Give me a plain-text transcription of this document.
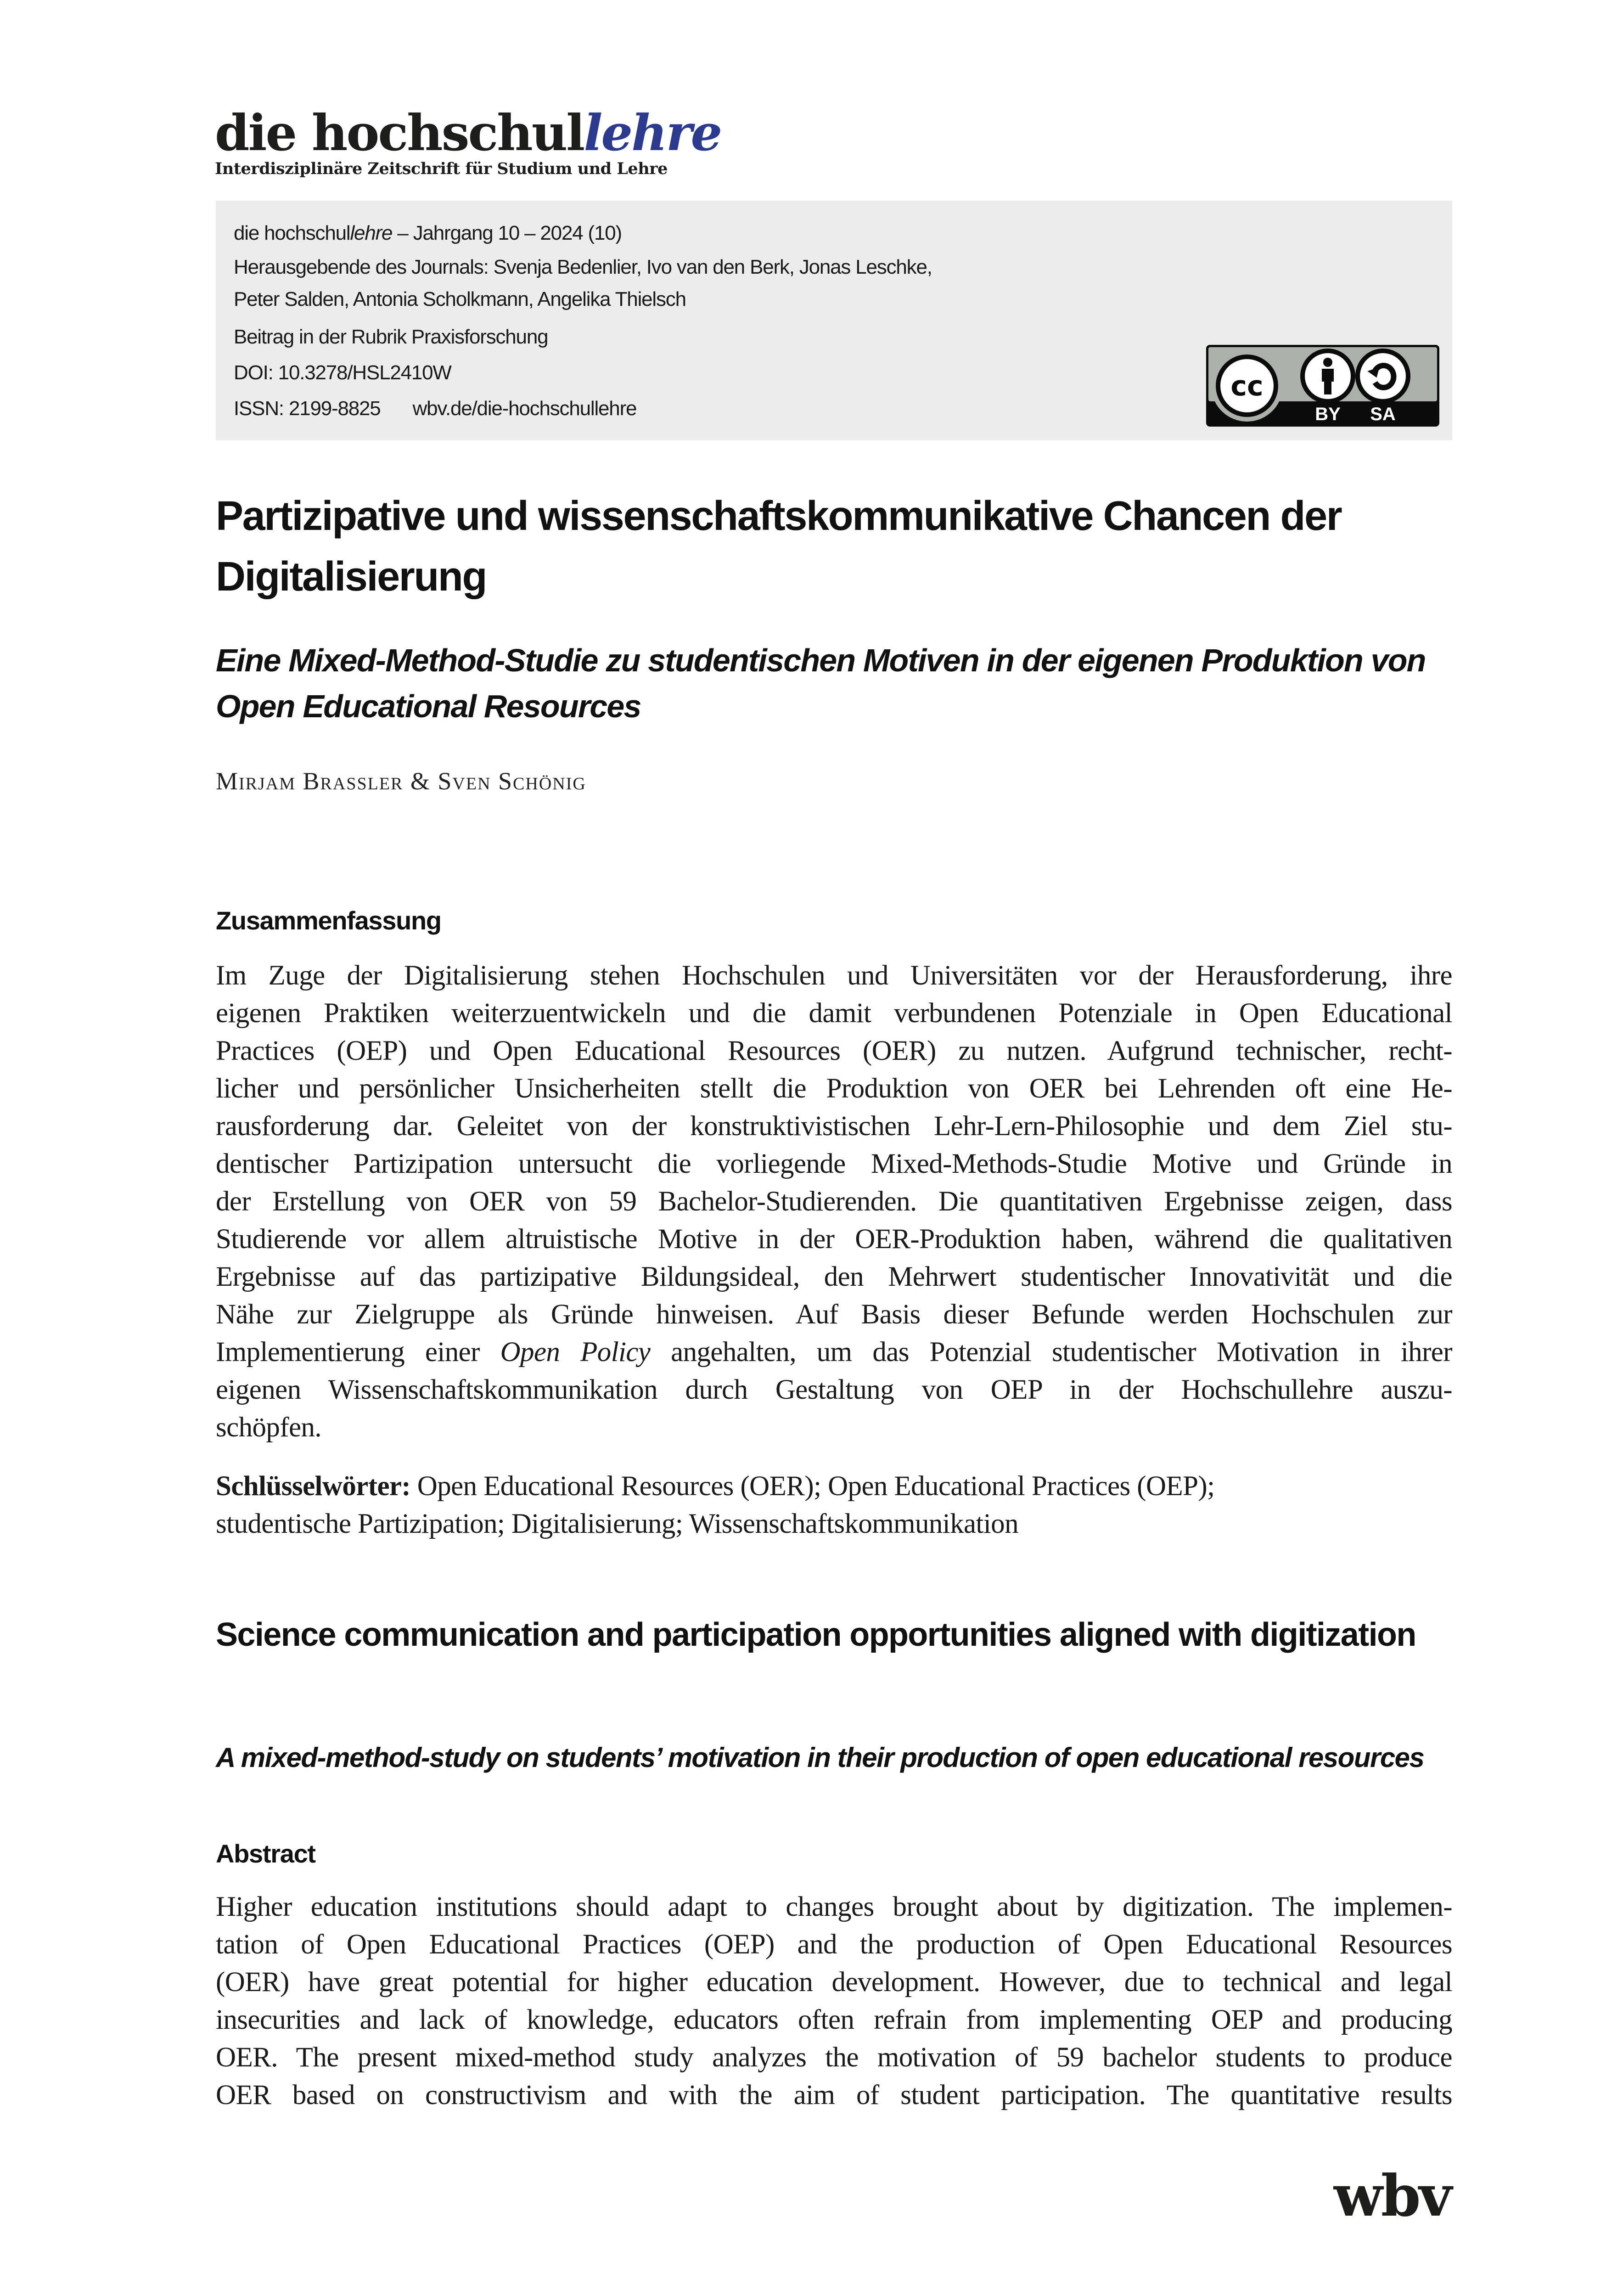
die hochschullehre
Interdisziplinäre Zeitschrift für Studium und Lehre
die hochschullehre – Jahrgang 10 – 2024 (10)
Herausgebende des Journals: Svenja Bedenlier, Ivo van den Berk, Jonas Leschke,
Peter Salden, Antonia Scholkmann, Angelika Thielsch
Beitrag in der Rubrik Praxisforschung
DOI: 10.3278/HSL2410W
ISSN: 2199-8825 wbv.de/die-hochschullehre
cc
BY SA
Partizipative und wissenschaftskommunikative Chancen der Digitalisierung
Eine Mixed-Method-Studie zu studentischen Motiven in der eigenen Produktion von Open Educational Resources
Mirjam Brassler & Sven Schönig
Zusammenfassung
Im Zuge der Digitalisierung stehen Hochschulen und Universitäten vor der Herausforderung, ihre
eigenen Praktiken weiterzuentwickeln und die damit verbundenen Potenziale in Open Educational
Practices (OEP) und Open Educational Resources (OER) zu nutzen. Aufgrund technischer, recht-
licher und persönlicher Unsicherheiten stellt die Produktion von OER bei Lehrenden oft eine He-
rausforderung dar. Geleitet von der konstruktivistischen Lehr-Lern-Philosophie und dem Ziel stu-
dentischer Partizipation untersucht die vorliegende Mixed-Methods-Studie Motive und Gründe in
der Erstellung von OER von 59 Bachelor-Studierenden. Die quantitativen Ergebnisse zeigen, dass
Studierende vor allem altruistische Motive in der OER-Produktion haben, während die qualitativen
Ergebnisse auf das partizipative Bildungsideal, den Mehrwert studentischer Innovativität und die
Nähe zur Zielgruppe als Gründe hinweisen. Auf Basis dieser Befunde werden Hochschulen zur
Implementierung einer Open Policy angehalten, um das Potenzial studentischer Motivation in ihrer
eigenen Wissenschaftskommunikation durch Gestaltung von OEP in der Hochschullehre auszu-
schöpfen.
Schlüsselwörter: Open Educational Resources (OER); Open Educational Practices (OEP);
studentische Partizipation; Digitalisierung; Wissenschaftskommunikation
Science communication and participation opportunities aligned with digitization
A mixed-method-study on students’ motivation in their production of open educational resources
Abstract
Higher education institutions should adapt to changes brought about by digitization. The implemen-
tation of Open Educational Practices (OEP) and the production of Open Educational Resources
(OER) have great potential for higher education development. However, due to technical and legal
insecurities and lack of knowledge, educators often refrain from implementing OEP and producing
OER. The present mixed-method study analyzes the motivation of 59 bachelor students to produce
OER based on constructivism and with the aim of student participation. The quantitative results
wbv
